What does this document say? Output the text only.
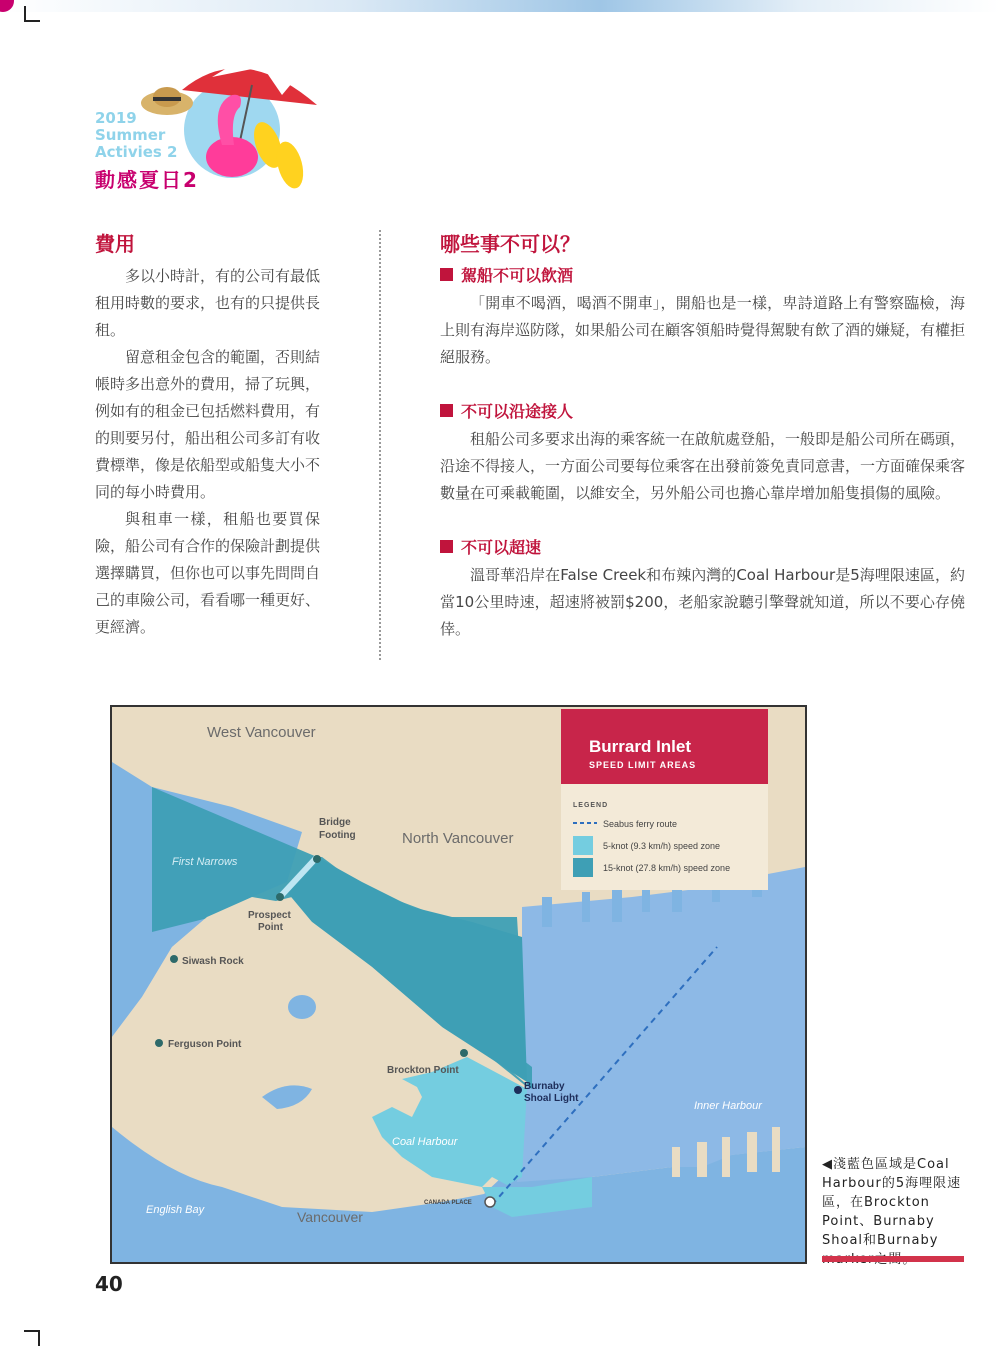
2019
Summer
Activies 2
動感夏日2
費用

多以小時計，有的公司有最低租用時數的要求，也有的只提供長租。

留意租金包含的範圍，否則結帳時多出意外的費用，掃了玩興，例如有的租金已包括燃料費用，有的則要另付，船出租公司多訂有收費標準，像是依船型或船隻大小不同的每小時費用。

與租車一樣，租船也要買保險，船公司有合作的保險計劃提供選擇購買，但你也可以事先問問自己的車險公司，看看哪一種更好、更經濟。

哪些事不可以？
駕船不可以飲酒

「開車不喝酒，喝酒不開車」，開船也是一樣，卑詩道路上有警察臨檢，海上則有海岸巡防隊，如果船公司在顧客領船時覺得駕駛有飲了酒的嫌疑，有權拒絕服務。

不可以沿途接人

租船公司多要求出海的乘客統一在啟航處登船，一般即是船公司所在碼頭，沿途不得接人，一方面公司要每位乘客在出發前簽免責同意書，一方面確保乘客數量在可乘載範圍，以維安全，另外船公司也擔心靠岸增加船隻損傷的風險。

不可以超速

溫哥華沿岸在False Creek和布辣內灣的Coal Harbour是5海哩限速區，約當10公里時速，超速將被罰$200，老船家說聽引擎聲就知道，所以不要心存僥倖。

West Vancouver
North Vancouver
Vancouver
Bridge
Footing
Prospect
Point
First Narrows
Siwash Rock
Ferguson Point
Brockton Point
Burnaby
Shoal Light
Coal Harbour
Inner Harbour
English Bay
CANADA PLACE
Burrard Inlet
SPEED LIMIT AREAS
LEGEND
Seabus ferry route
5-knot (9.3 km/h) speed zone
15-knot (27.8 km/h) speed zone
◀淺藍色區域是Coal Harbour的5海哩限速區，在Brockton Point、Burnaby Shoal和Burnaby
40
